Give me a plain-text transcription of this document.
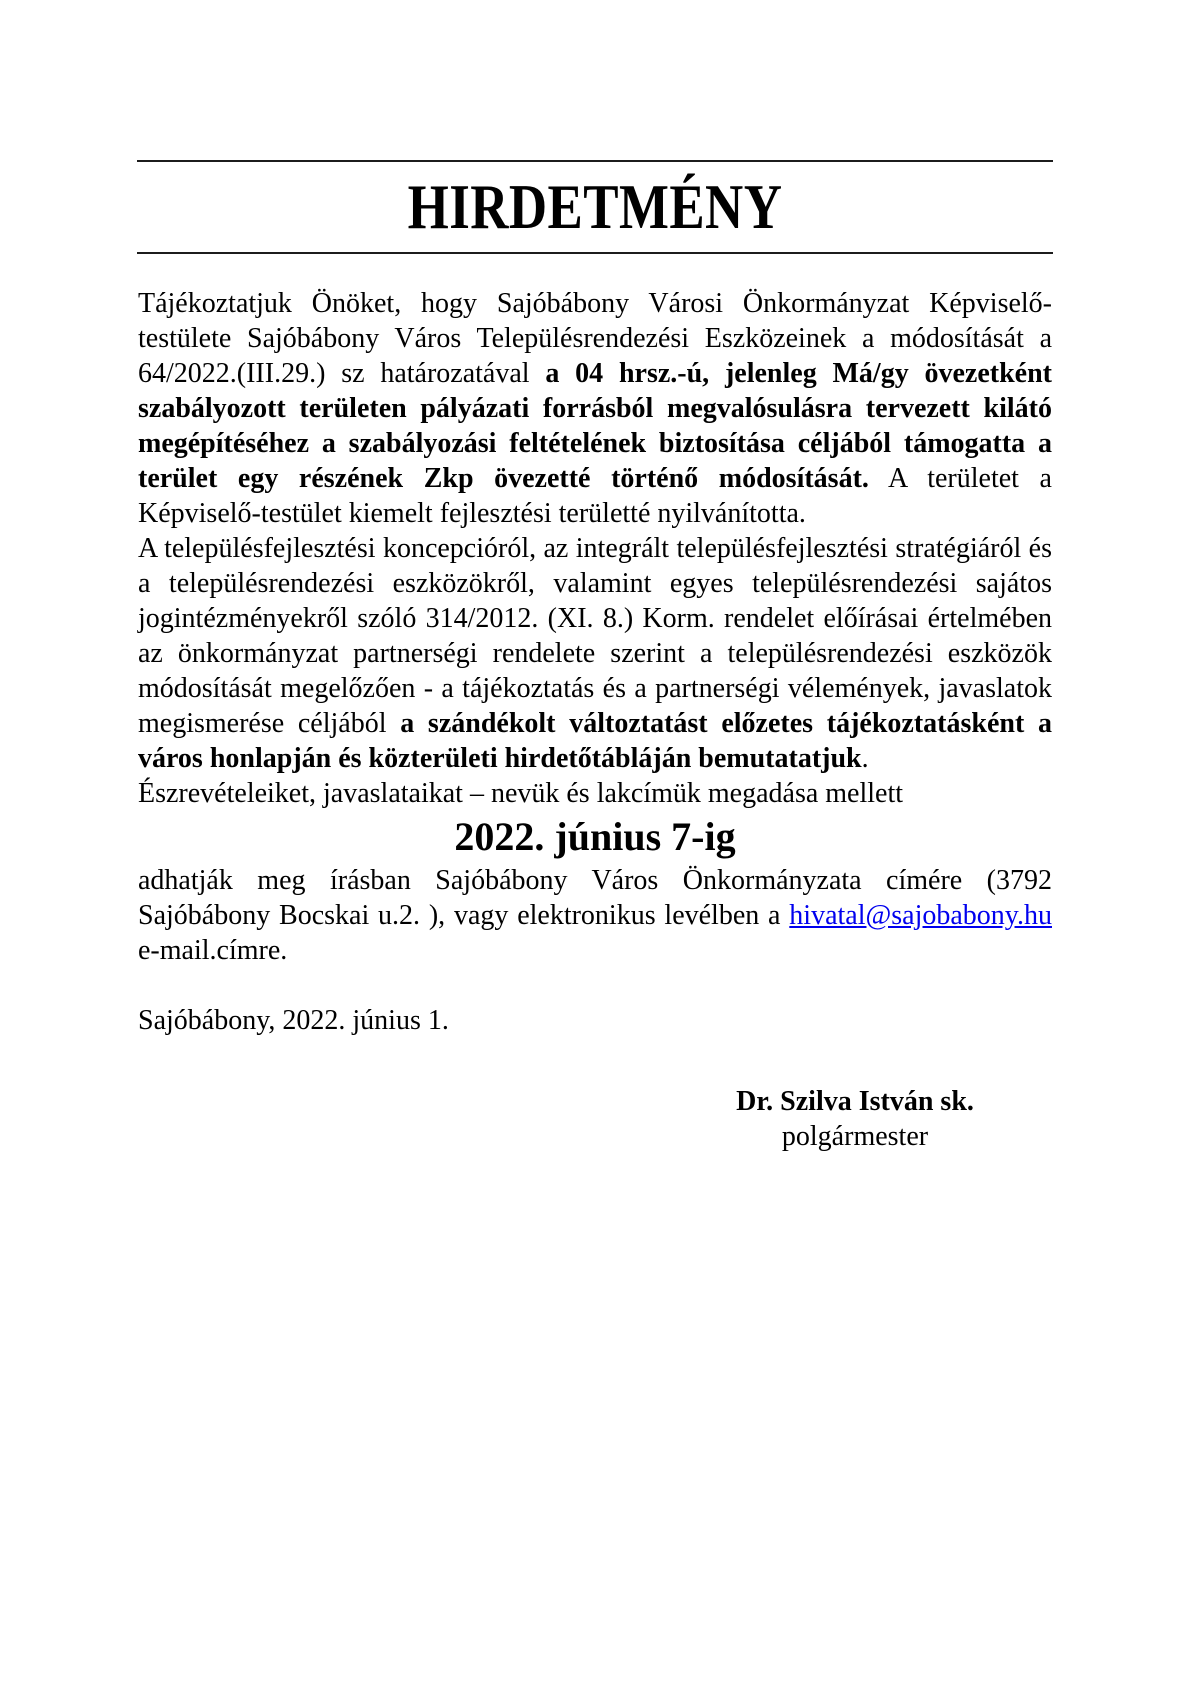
HIRDETMÉNY

Tájékoztatjuk Önöket, hogy Sajóbábony Városi Önkormányzat Képviselő-testülete Sajóbábony Város Településrendezési Eszközeinek a módosítását a 64/2022.(III.29.) sz határozatával a 04 hrsz.-ú, jelenleg Má/gy övezetként szabályozott területen pályázati forrásból megvalósulásra tervezett kilátó megépítéséhez a szabályozási feltételének biztosítása céljából támogatta a terület egy részének Zkp övezetté történő módosítását. A területet a Képviselő-testület kiemelt fejlesztési területté nyilvánította.

A településfejlesztési koncepcióról, az integrált településfejlesztési stratégiáról és a településrendezési eszközökről, valamint egyes településrendezési sajátos jogintézményekről szóló 314/2012. (XI. 8.) Korm. rendelet előírásai értelmében az önkormányzat partnerségi rendelete szerint a településrendezési eszközök módosítását megelőzően - a tájékoztatás és a partnerségi vélemények, javaslatok megismerése céljából a szándékolt változtatást előzetes tájékoztatásként a város honlapján és közterületi hirdetőtábláján bemutatatjuk.

Észrevételeiket, javaslataikat – nevük és lakcímük megadása mellett

2022. június 7-ig

adhatják meg írásban Sajóbábony Város Önkormányzata címére (3792 Sajóbábony Bocskai u.2. ), vagy elektronikus levélben a hivatal@sajobabony.hu e-mail.címre.

Sajóbábony, 2022. június 1.

Dr. Szilva István sk.
polgármester
